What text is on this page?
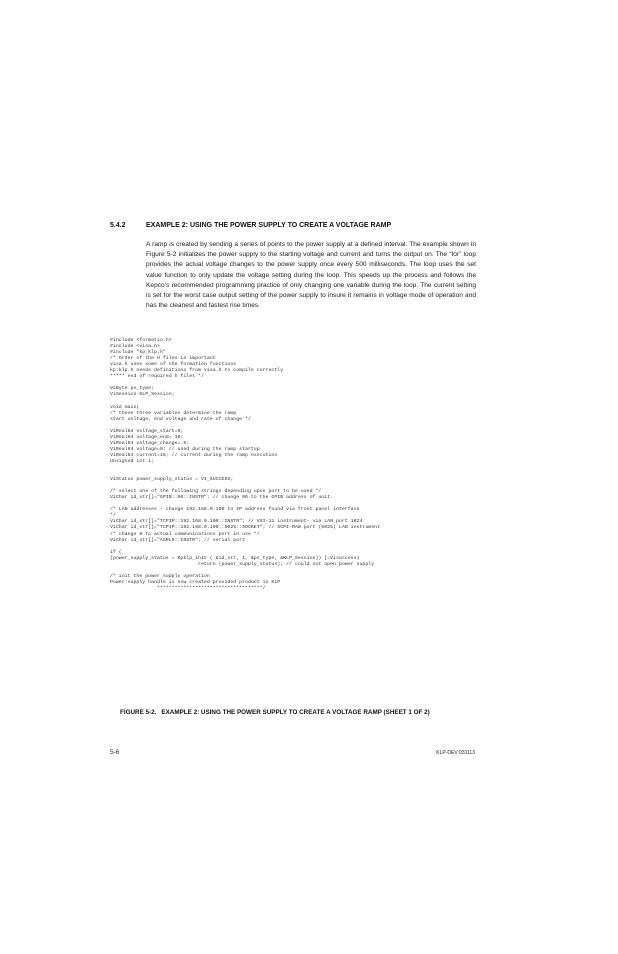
5.4.2	EXAMPLE 2: USING THE POWER SUPPLY TO CREATE A VOLTAGE RAMP

A ramp is created by sending a series of points to the power supply at a defined interval. The example shown in Figure 5-2 initializes the power supply to the starting voltage and current and turns the output on. The “for” loop provides the actual voltage changes to the power supply once every 500 milliseconds. The loop uses the set value function to only update the voltage setting during the loop. This speeds up the process and follows the Kepco’s recommended programming practice of only changing one variable during the loop. The current setting is set for the worst case output setting of the power supply to insure it remains in voltage mode of operation and has the cleanest and fastest rise times.

#include <formatio.h>
#include <visa.h>
#include "kp_klp.h"
/* Order of the H files is important
visa.h uses some of the formation functions
kp:klp.h needs definitions from visa.h to compile correctly
***** end of required h files */

ViByte ps_type;
ViSession KLP_Session;

void main(
/* these three variables determine the ramp
start voltage, end voltage and rate of change */

ViReal64 voltage_start=0;
ViReal64 voltage_end= 10;
ViReal64 voltage_change=.5;
ViReal64 voltage=0; // used during the ramp startup
ViReal64 current=16; // current during the ramp execution
Unsigned int i;

ViStatus power_supply_status = VI_SUCCESS;

/* select one of the following strings depending upon port to be used */
ViChar id_str[]="GPIB::06::INSTR"; // change 06 to the GPIB address of unit.

/* LAN addresses - change 192.168.0.100 to IP address found via front panel interface
*/
ViChar id_str[]="TCPIP::192.168.0.100::INSTR"; // VXI-11 instrument- via LAN port 1024
ViChar id_str[]="TCPIP::192.168.0.100::5025::SOCKET"; // SCPI-RAW port (5025) LAN instrument
/* change 0 to actual communications port in use */
ViChar id_str[]="ASRL0::INSTR"; // serial port

if (
(power_supply_status = Kpklp_init ( &id_str, 1, &ps_type, &KLP_Session)) [=Visuccess)
return (power_supply_status); // could not open power supply

/* init the power supply operation
Power supply handle is now created provided product is KLP
************************************/
FIGURE 5-2. EXAMPLE 2: USING THE POWER SUPPLY TO CREATE A VOLTAGE RAMP (SHEET 1 OF 2)
5-6	KLP-DEV 031113
